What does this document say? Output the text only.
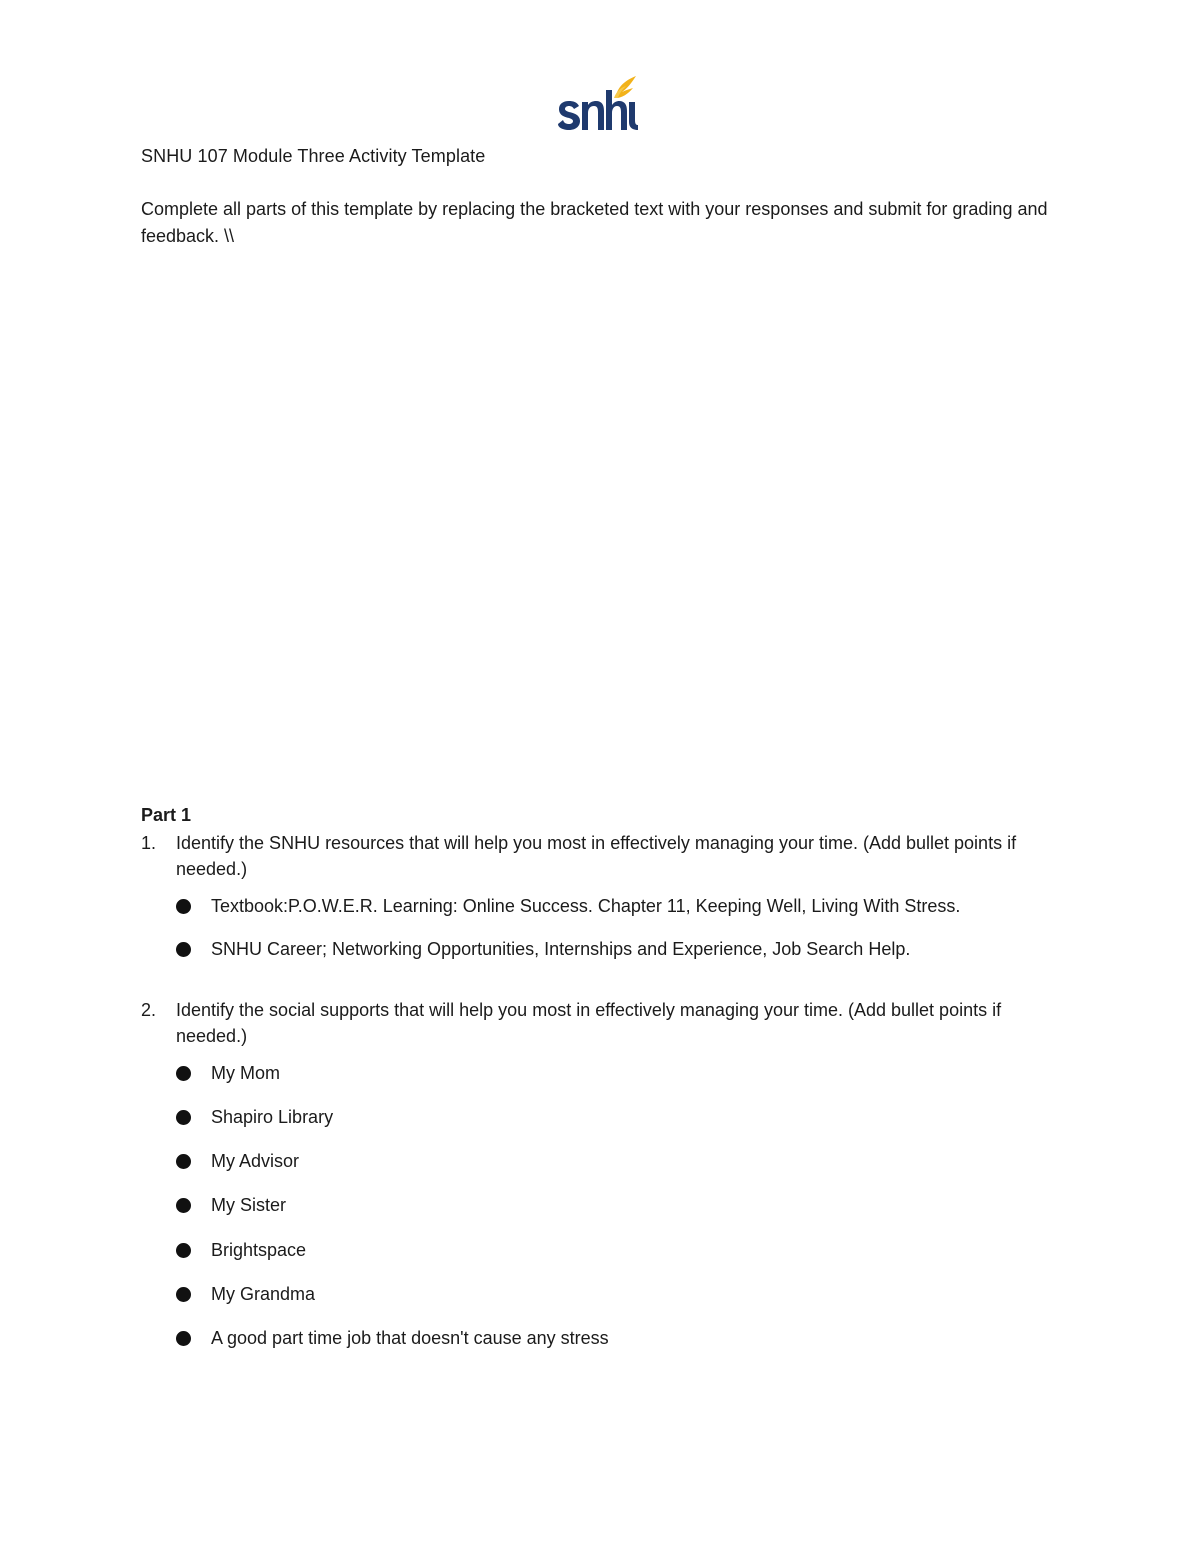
SNHU 107 Module Three Activity Template
Complete all parts of this template by replacing the bracketed text with your responses and submit for grading and feedback. \\
Part 1
1.	Identify the SNHU resources that will help you most in effectively managing your time. (Add bullet points if needed.)
Textbook:P.O.W.E.R. Learning: Online Success. Chapter 11, Keeping Well, Living With Stress.
SNHU Career; Networking Opportunities, Internships and Experience, Job Search Help.
2.	Identify the social supports that will help you most in effectively managing your time. (Add bullet points if needed.)
My Mom
Shapiro Library
My Advisor
My Sister
Brightspace
My Grandma
A good part time job that doesn't cause any stress
